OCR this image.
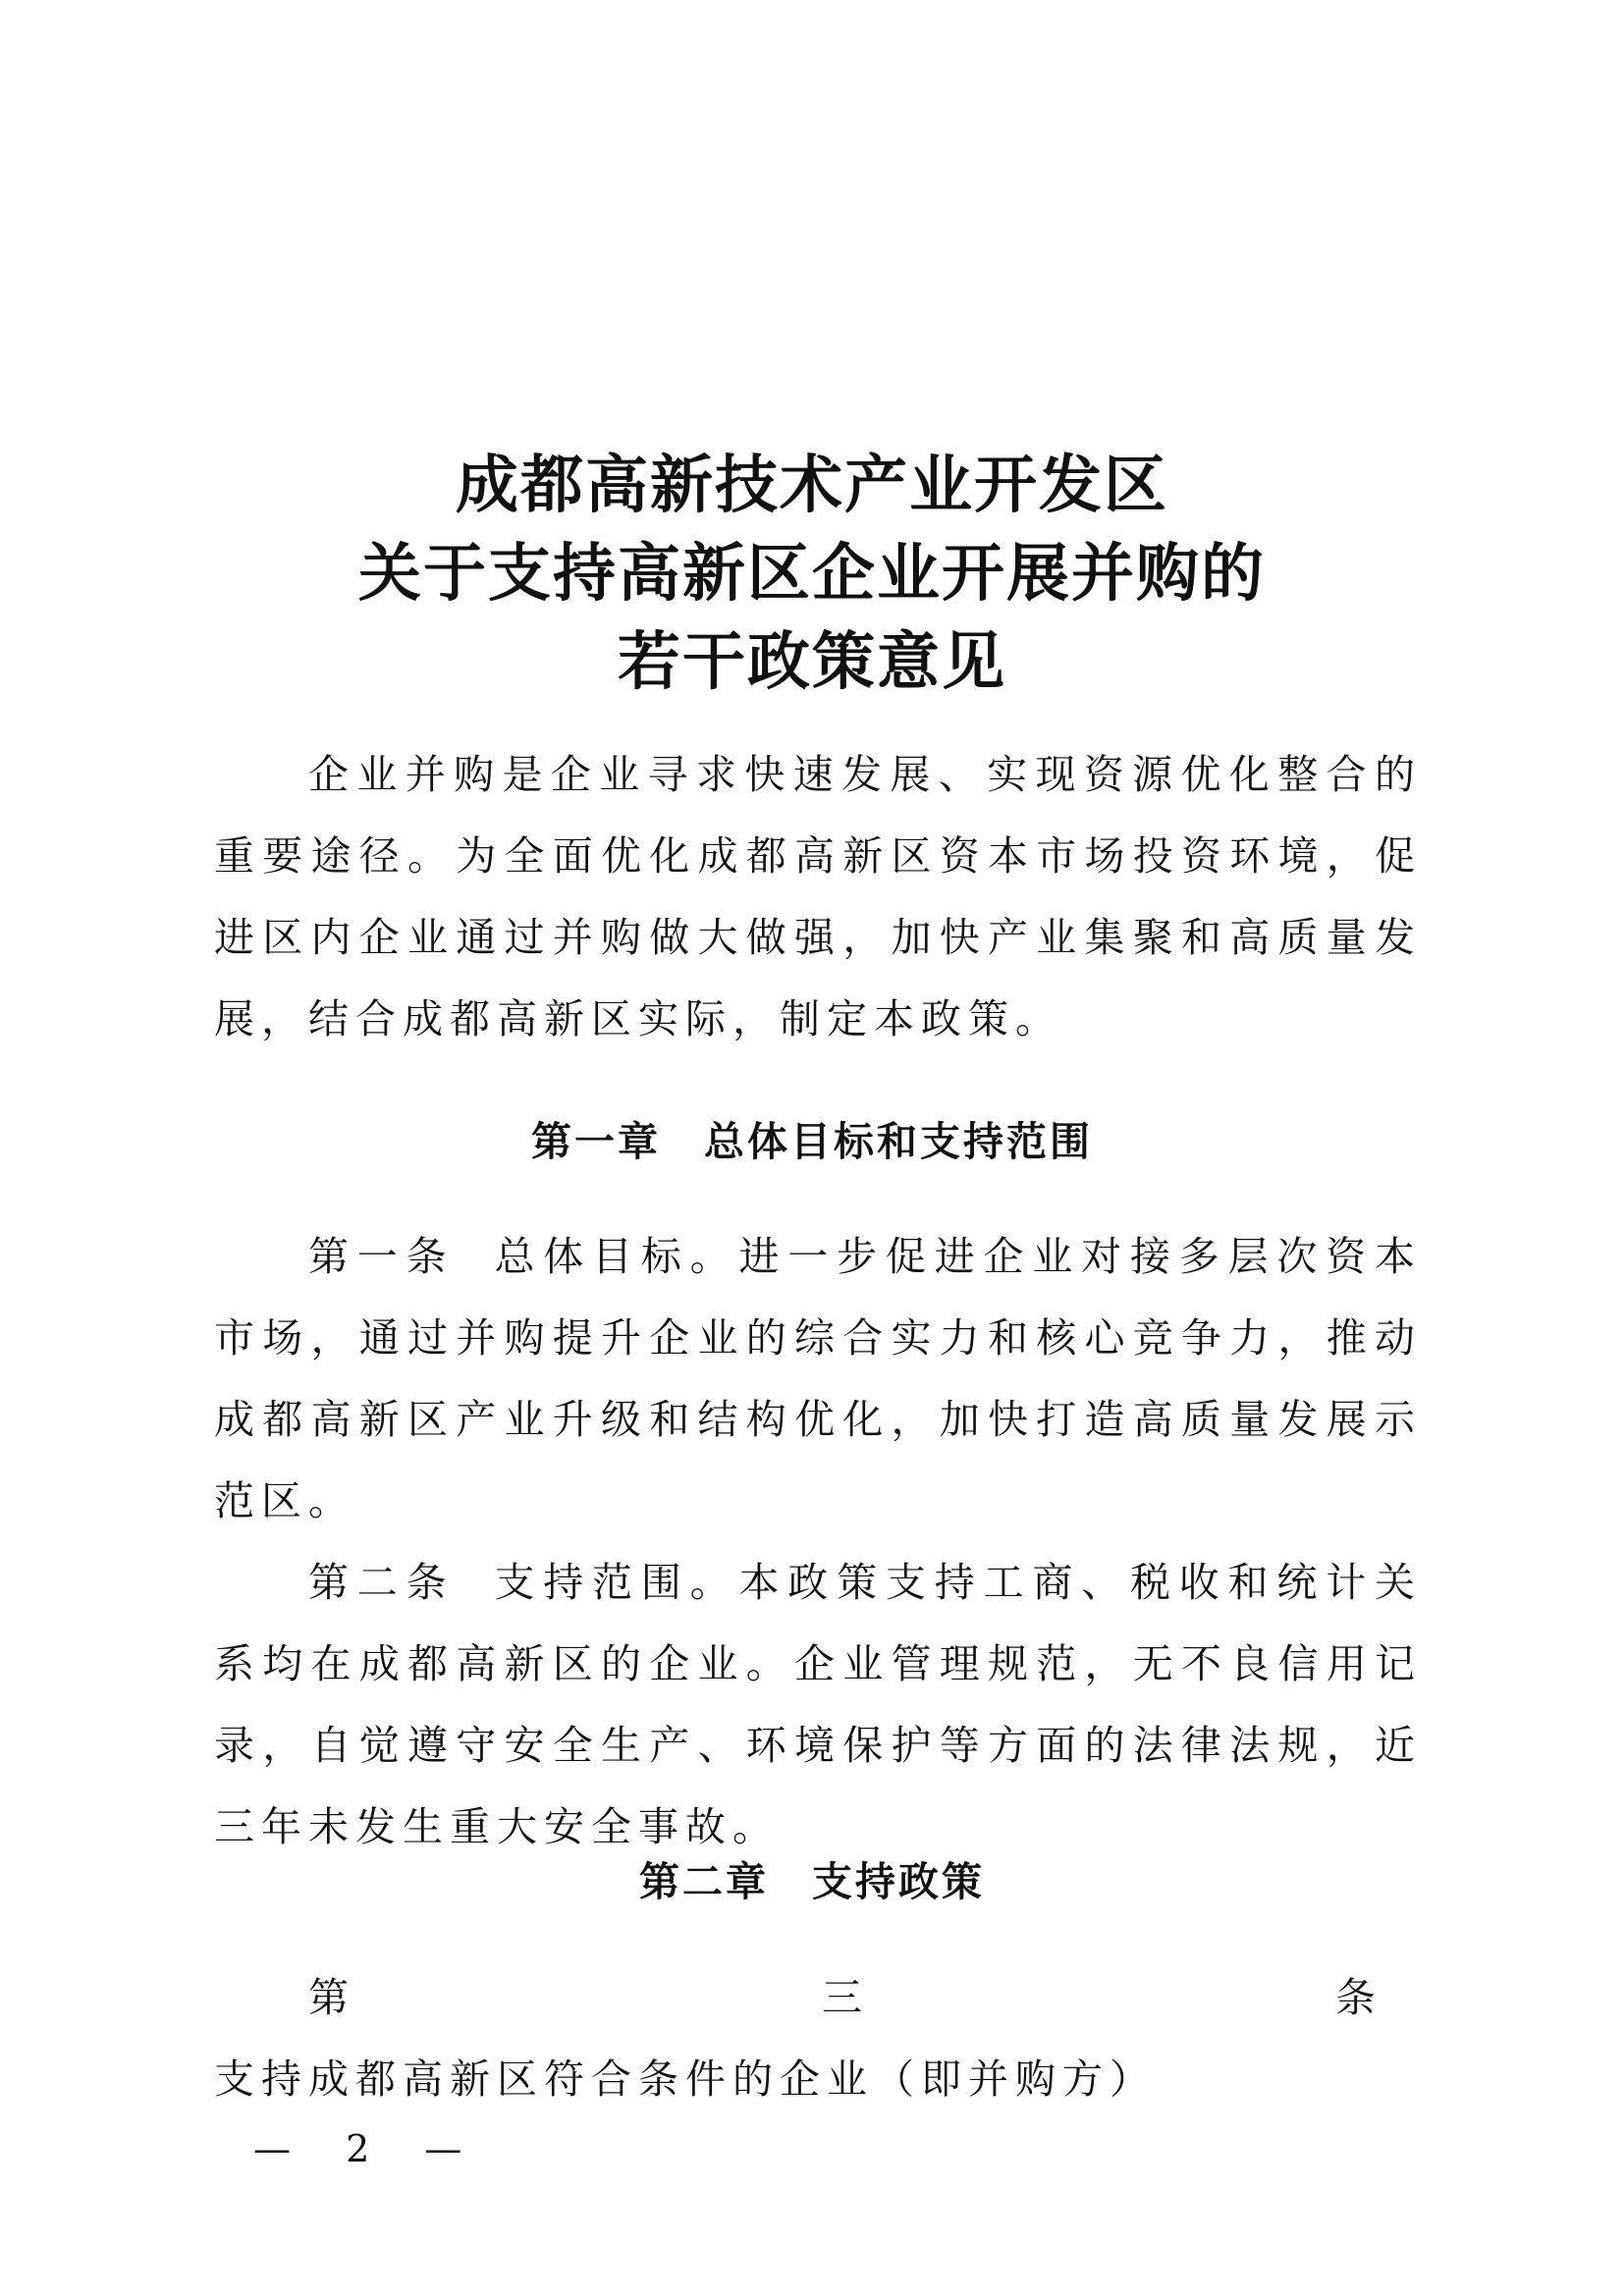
成都高新技术产业开发区
关于支持高新区企业开展并购的
若干政策意见

企业并购是企业寻求快速发展、实现资源优化整合的重要途径。为全面优化成都高新区资本市场投资环境，促进区内企业通过并购做大做强，加快产业集聚和高质量发展，结合成都高新区实际，制定本政策。

第一章　总体目标和支持范围

第一条 总体目标。进一步促进企业对接多层次资本市场，通过并购提升企业的综合实力和核心竞争力，推动成都高新区产业升级和结构优化，加快打造高质量发展示范区。

第二条 支持范围。本政策支持工商、税收和统计关系均在成都高新区的企业。企业管理规范，无不良信用记录，自觉遵守安全生产、环境保护等方面的法律法规，近三年未发生重大安全事故。

第二章　支持政策

第三条支持成都高新区符合条件的企业（即并购方）

— 2 —
